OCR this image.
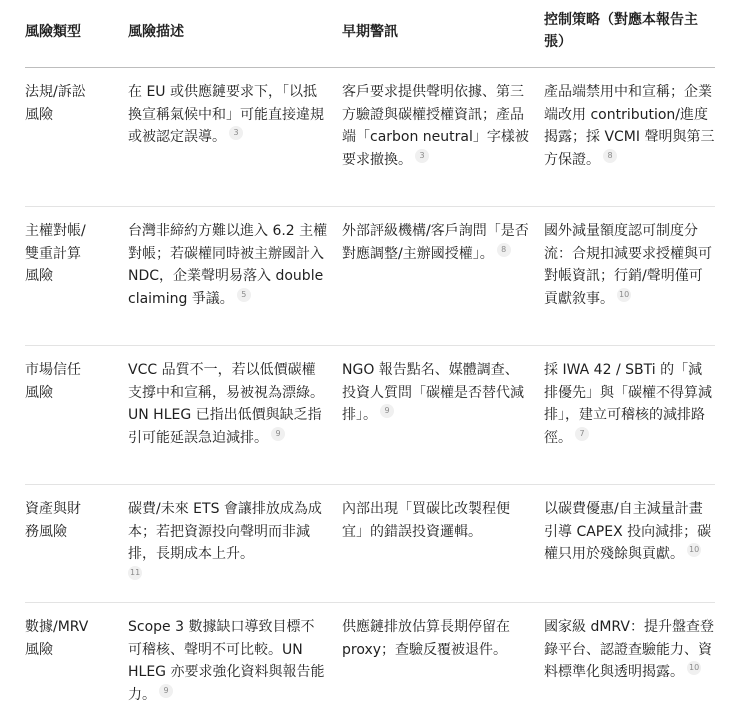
風險類型	風險描述	早期警訊
控制策略（對應本報告主張）
法規/訴訟
風險
在 EU 或供應鏈要求下，「以抵換宣稱氣候中和」可能直接違規或被認定誤導。 3
客戶要求提供聲明依據、第三方驗證與碳權授權資訊；產品端「carbon neutral」字樣被要求撤換。 3
產品端禁用中和宣稱；企業端改用 contribution/進度揭露；採 VCMI 聲明與第三方保證。 8
主權對帳/
雙重計算
風險
台灣非締約方難以進入 6.2 主權對帳；若碳權同時被主辦國計入 NDC，企業聲明易落入 double claiming 爭議。 5
外部評級機構/客戶詢問「是否對應調整/主辦國授權」。 8
國外減量額度認可制度分流：合規扣減要求授權與可對帳資訊；行銷/聲明僅可貢獻敘事。 10
市場信任
風險
VCC 品質不一，若以低價碳權支撐中和宣稱，易被視為漂綠。UN HLEG 已指出低價與缺乏指引可能延誤急迫減排。 9
NGO 報告點名、媒體調查、投資人質問「碳權是否替代減排」。 9
採 IWA 42 / SBTi 的「減排優先」與「碳權不得算減排」，建立可稽核的減排路徑。 7
資產與財
務風險
碳費/未來 ETS 會讓排放成為成本；若把資源投向聲明而非減排，長期成本上升。
11
內部出現「買碳比改製程便宜」的錯誤投資邏輯。
以碳費優惠/自主減量計畫引導 CAPEX 投向減排；碳權只用於殘餘與貢獻。 10
數據/MRV
風險
Scope 3 數據缺口導致目標不可稽核、聲明不可比較。UN HLEG 亦要求強化資料與報告能力。 9
供應鏈排放估算長期停留在 proxy；查驗反覆被退件。
國家級 dMRV：提升盤查登錄平台、認證查驗能力、資料標準化與透明揭露。 10
